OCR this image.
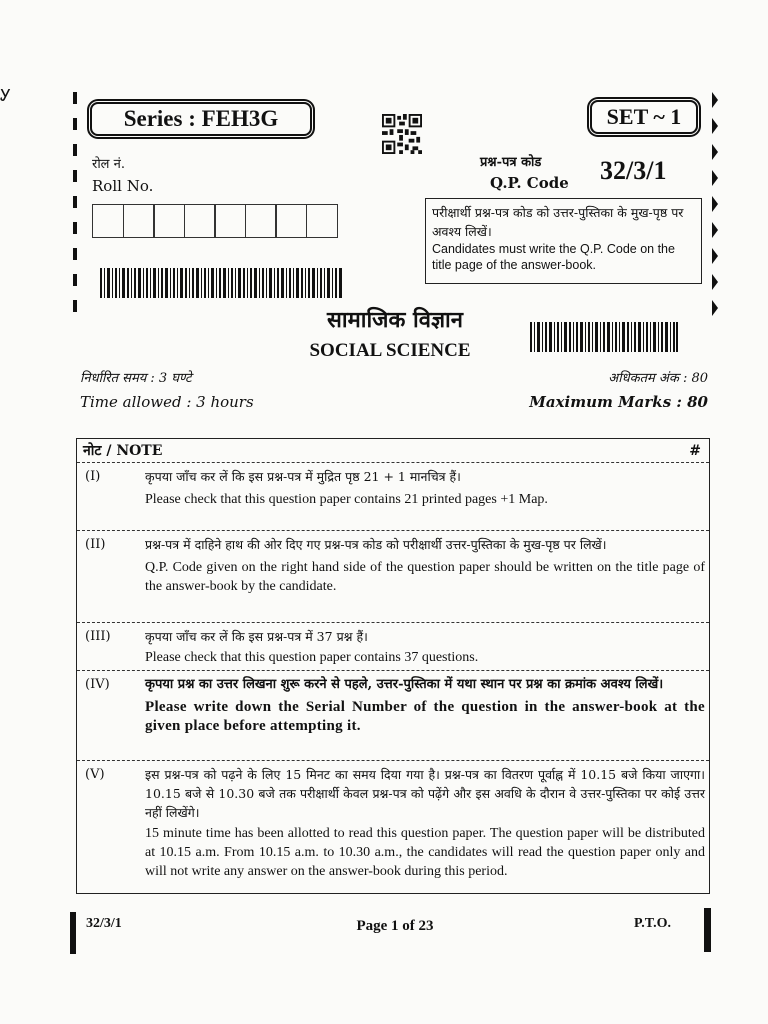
Ꭹ
Series : FEH3G	SET ~ 1
रोल नं.
Roll No.
प्रश्न-पत्र कोड
Q.P. Code 32/3/1
परीक्षार्थी प्रश्न-पत्र कोड को उत्तर-पुस्तिका के मुख-पृष्ठ पर अवश्य लिखें।
Candidates must write the Q.P. Code on the title page of the answer-book.
सामाजिक विज्ञान
SOCIAL SCIENCE
निर्धारित समय : 3 घण्टे
Time allowed : 3 hours
अधिकतम अंक : 80
Maximum Marks : 80
नोट / NOTE	#
(I)	कृपया जाँच कर लें कि इस प्रश्न-पत्र में मुद्रित पृष्ठ 21 + 1 मानचित्र हैं।
Please check that this question paper contains 21 printed pages +1 Map.
(II)	प्रश्न-पत्र में दाहिने हाथ की ओर दिए गए प्रश्न-पत्र कोड को परीक्षार्थी उत्तर-पुस्तिका के मुख-पृष्ठ पर लिखें।
Q.P. Code given on the right hand side of the question paper should be written on the title page of the answer-book by the candidate.
(III)	कृपया जाँच कर लें कि इस प्रश्न-पत्र में 37 प्रश्न हैं।
Please check that this question paper contains 37 questions.
(IV)	कृपया प्रश्न का उत्तर लिखना शुरू करने से पहले, उत्तर-पुस्तिका में यथा स्थान पर प्रश्न का क्रमांक अवश्य लिखें।
Please write down the Serial Number of the question in the answer-book at the given place before attempting it.
(V)	इस प्रश्न-पत्र को पढ़ने के लिए 15 मिनट का समय दिया गया है। प्रश्न-पत्र का वितरण पूर्वाह्न में 10.15 बजे किया जाएगा। 10.15 बजे से 10.30 बजे तक परीक्षार्थी केवल प्रश्न-पत्र को पढ़ेंगे और इस अवधि के दौरान वे उत्तर-पुस्तिका पर कोई उत्तर नहीं लिखेंगे।
15 minute time has been allotted to read this question paper. The question paper will be distributed at 10.15 a.m. From 10.15 a.m. to 10.30 a.m., the candidates will read the question paper only and will not write any answer on the answer-book during this period.
32/3/1	Page 1 of 23	P.T.O.
